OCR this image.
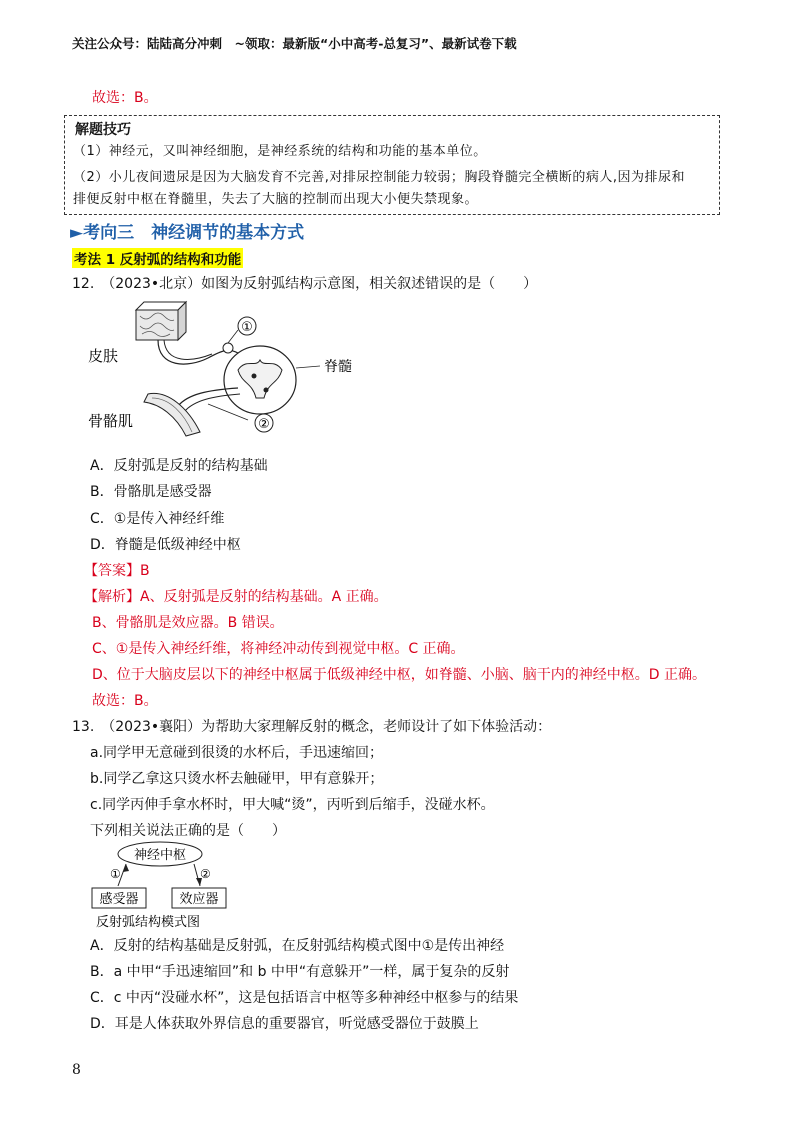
关注公众号：陆陆高分冲刺　~领取：最新版“小中高考-总复习”、最新试卷下载
故选：B。
解题技巧
（1）神经元，又叫神经细胞，是神经系统的结构和功能的基本单位。
（2）小儿夜间遗尿是因为大脑发育不完善,对排尿控制能力较弱；胸段脊髓完全横断的病人,因为排尿和
排便反射中枢在脊髓里，失去了大脑的控制而出现大小便失禁现象。
►考向三　神经调节的基本方式
考法 1 反射弧的结构和功能
12.　（2023•北京）如图为反射弧结构示意图，相关叙述错误的是（　　）
①
脊髓
皮肤
骨骼肌	②
A．反射弧是反射的结构基础
B．骨骼肌是感受器
C．①是传入神经纤维
D．脊髓是低级神经中枢
【答案】B
【解析】A、反射弧是反射的结构基础。A 正确。
B、骨骼肌是效应器。B 错误。
C、①是传入神经纤维，将神经冲动传到视觉中枢。C 正确。
D、位于大脑皮层以下的神经中枢属于低级神经中枢，如脊髓、小脑、脑干内的神经中枢。D 正确。
故选：B。
13.　（2023•襄阳）为帮助大家理解反射的概念，老师设计了如下体验活动：
a.同学甲无意碰到很烫的水杯后，手迅速缩回；
b.同学乙拿这只烫水杯去触碰甲，甲有意躲开；
c.同学丙伸手拿水杯时，甲大喊“烫”，丙听到后缩手，没碰水杯。
下列相关说法正确的是（　　）
神经中枢
①	②
感受器	效应器
反射弧结构模式图
A．反射的结构基础是反射弧，在反射弧结构模式图中①是传出神经
B．a 中甲“手迅速缩回”和 b 中甲“有意躲开”一样，属于复杂的反射
C．c 中丙“没碰水杯”，这是包括语言中枢等多种神经中枢参与的结果
D．耳是人体获取外界信息的重要器官，听觉感受器位于鼓膜上
8
